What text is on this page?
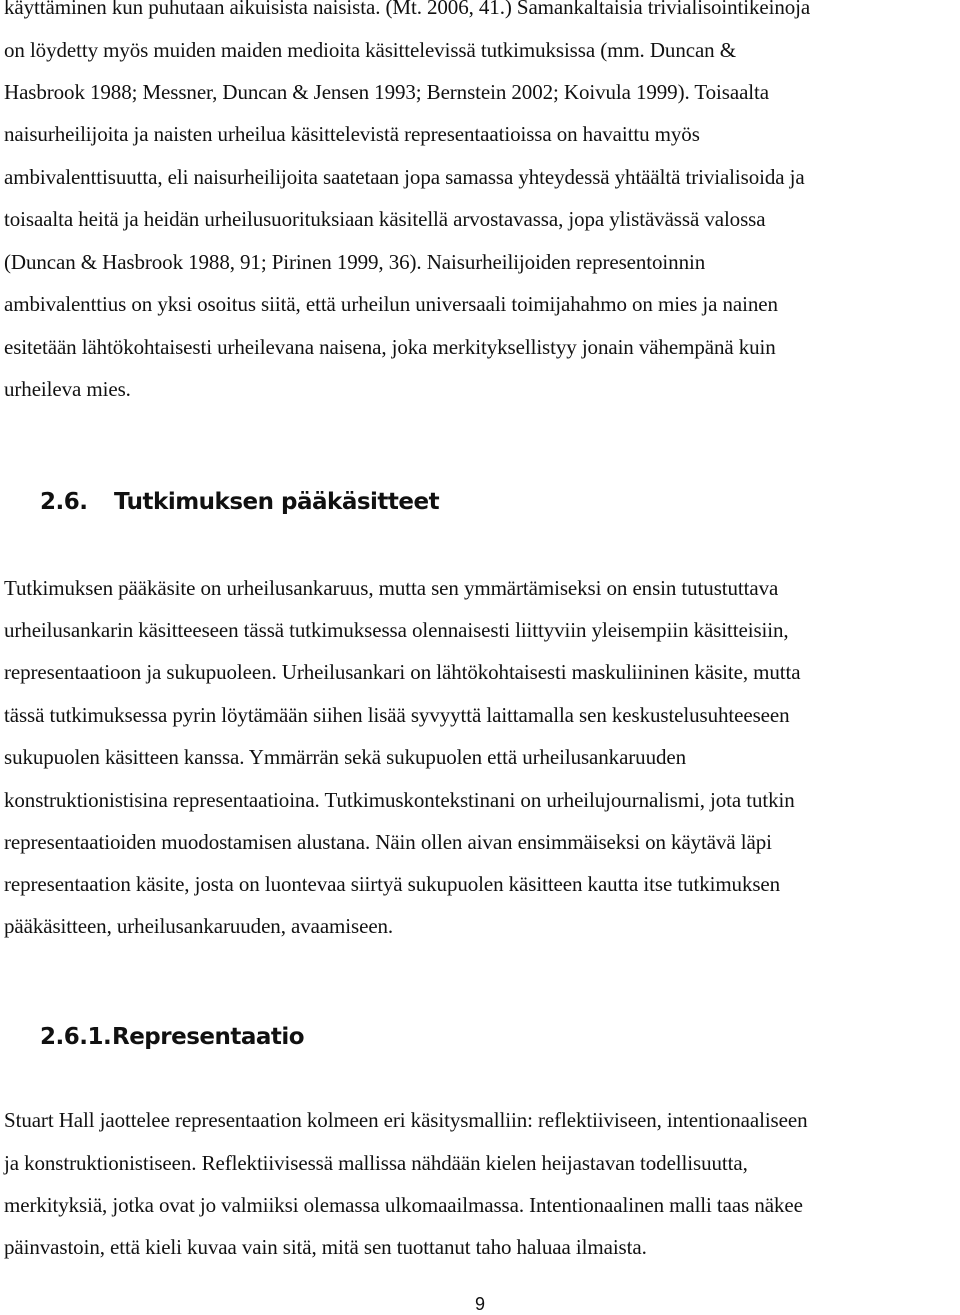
käyttäminen kun puhutaan aikuisista naisista. (Mt. 2006, 41.) Samankaltaisia trivialisointikeinoja
on löydetty myös muiden maiden medioita käsittelevissä tutkimuksissa (mm. Duncan &
Hasbrook 1988; Messner, Duncan & Jensen 1993; Bernstein 2002; Koivula 1999). Toisaalta
naisurheilijoita ja naisten urheilua käsittelevistä representaatioissa on havaittu myös
ambivalenttisuutta, eli naisurheilijoita saatetaan jopa samassa yhteydessä yhtäältä trivialisoida ja
toisaalta heitä ja heidän urheilusuorituksiaan käsitellä arvostavassa, jopa ylistävässä valossa
(Duncan & Hasbrook 1988, 91; Pirinen 1999, 36). Naisurheilijoiden representoinnin
ambivalenttius on yksi osoitus siitä, että urheilun universaali toimijahahmo on mies ja nainen
esitetään lähtökohtaisesti urheilevana naisena, joka merkityksellistyy jonain vähempänä kuin
urheileva mies.
2.6. Tutkimuksen pääkäsitteet
Tutkimuksen pääkäsite on urheilusankaruus, mutta sen ymmärtämiseksi on ensin tutustuttava
urheilusankarin käsitteeseen tässä tutkimuksessa olennaisesti liittyviin yleisempiin käsitteisiin,
representaatioon ja sukupuoleen. Urheilusankari on lähtökohtaisesti maskuliininen käsite, mutta
tässä tutkimuksessa pyrin löytämään siihen lisää syvyyttä laittamalla sen keskustelusuhteeseen
sukupuolen käsitteen kanssa. Ymmärrän sekä sukupuolen että urheilusankaruuden
konstruktionistisina representaatioina. Tutkimuskontekstinani on urheilujournalismi, jota tutkin
representaatioiden muodostamisen alustana. Näin ollen aivan ensimmäiseksi on käytävä läpi
representaation käsite, josta on luontevaa siirtyä sukupuolen käsitteen kautta itse tutkimuksen
pääkäsitteen, urheilusankaruuden, avaamiseen.
2.6.1.Representaatio
Stuart Hall jaottelee representaation kolmeen eri käsitysmalliin: reflektiiviseen, intentionaaliseen
ja konstruktionistiseen. Reflektiivisessä mallissa nähdään kielen heijastavan todellisuutta,
merkityksiä, jotka ovat jo valmiiksi olemassa ulkomaailmassa. Intentionaalinen malli taas näkee
päinvastoin, että kieli kuvaa vain sitä, mitä sen tuottanut taho haluaa ilmaista.
9
